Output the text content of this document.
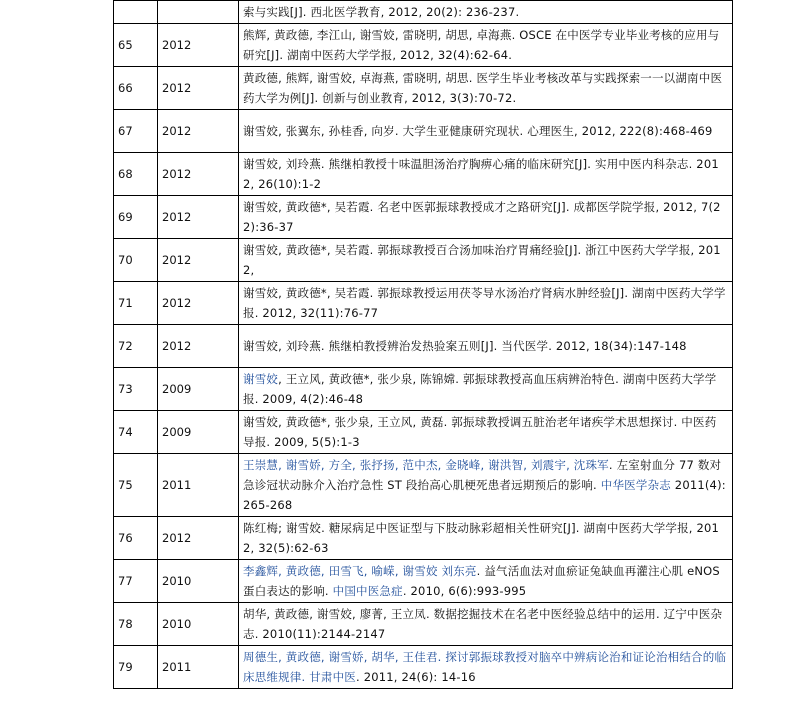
		索与实践[J]. 西北医学教育, 2012, 20(2): 236-237.
65	2012	熊辉, 黄政德, 李江山, 谢雪姣, 雷晓明, 胡思, 卓海燕. OSCE 在中医学专业毕业考核的应用与研究[J]. 湖南中医药大学学报, 2012, 32(4):62-64.
66	2012	黄政德, 熊辉, 谢雪姣, 卓海燕, 雷晓明, 胡思. 医学生毕业考核改革与实践探索一一以湖南中医药大学为例[J]. 创新与创业教育, 2012, 3(3):70-72.
67	2012	谢雪姣, 张翼东, 孙桂香, 向岁. 大学生亚健康研究现状. 心理医生, 2012, 222(8):468-469
68	2012	谢雪姣, 刘玲燕. 熊继柏教授十味温胆汤治疗胸痹心痛的临床研究[J]. 实用中医内科杂志. 2012, 26(10):1-2
69	2012	谢雪姣, 黄政德*, 吴若霞. 名老中医郭振球教授成才之路研究[J]. 成都医学院学报, 2012, 7(22):36-37
70	2012	谢雪姣, 黄政德*, 吴若霞. 郭振球教授百合汤加味治疗胃痛经验[J]. 浙江中医药大学学报, 2012,
71	2012	谢雪姣, 黄政德*, 吴若霞. 郭振球教授运用茯苓导水汤治疗肾病水肿经验[J]. 湖南中医药大学学报. 2012, 32(11):76-77
72	2012	谢雪姣, 刘玲燕. 熊继柏教授辨治发热验案五则[J]. 当代医学. 2012, 18(34):147-148
73	2009	谢雪姣, 王立风, 黄政德*, 张少泉, 陈锦嫦. 郭振球教授高血压病辨治特色. 湖南中医药大学学报. 2009, 4(2):46-48
74	2009	谢雪姣, 黄政德*, 张少泉, 王立风, 黄磊. 郭振球教授调五脏治老年诸疾学术思想探讨. 中医药导报. 2009, 5(5):1-3
75	2011	王崇慧, 谢雪娇, 方全, 张抒扬, 范中杰, 金晓峰, 谢洪智, 刘震宇, 沈珠军. 左室射血分 77 数对急诊冠状动脉介入治疗急性 ST 段抬高心肌梗死患者远期预后的影响. 中华医学杂志 2011(4): 265-268
76	2012	陈红梅; 谢雪姣. 糖尿病足中医证型与下肢动脉彩超相关性研究[J]. 湖南中医药大学学报, 2012, 32(5):62-63
77	2010	李鑫辉, 黄政德, 田雪飞, 喻嵘, 谢雪姣 刘东亮. 益气活血法对血瘀证兔缺血再灌注心肌 eNOS 蛋白表达的影响. 中国中医急症. 2010, 6(6):993-995
78	2010	胡华, 黄政德, 谢雪姣, 廖菁, 王立凤. 数据挖掘技术在名老中医经验总结中的运用. 辽宁中医杂志. 2010(11):2144-2147
79	2011	周德生, 黄政德, 谢雪娇, 胡华, 王佳君. 探讨郭振球教授对脑卒中辨病论治和证论治相结合的临床思维规律. 甘肃中医. 2011, 24(6): 14-16
